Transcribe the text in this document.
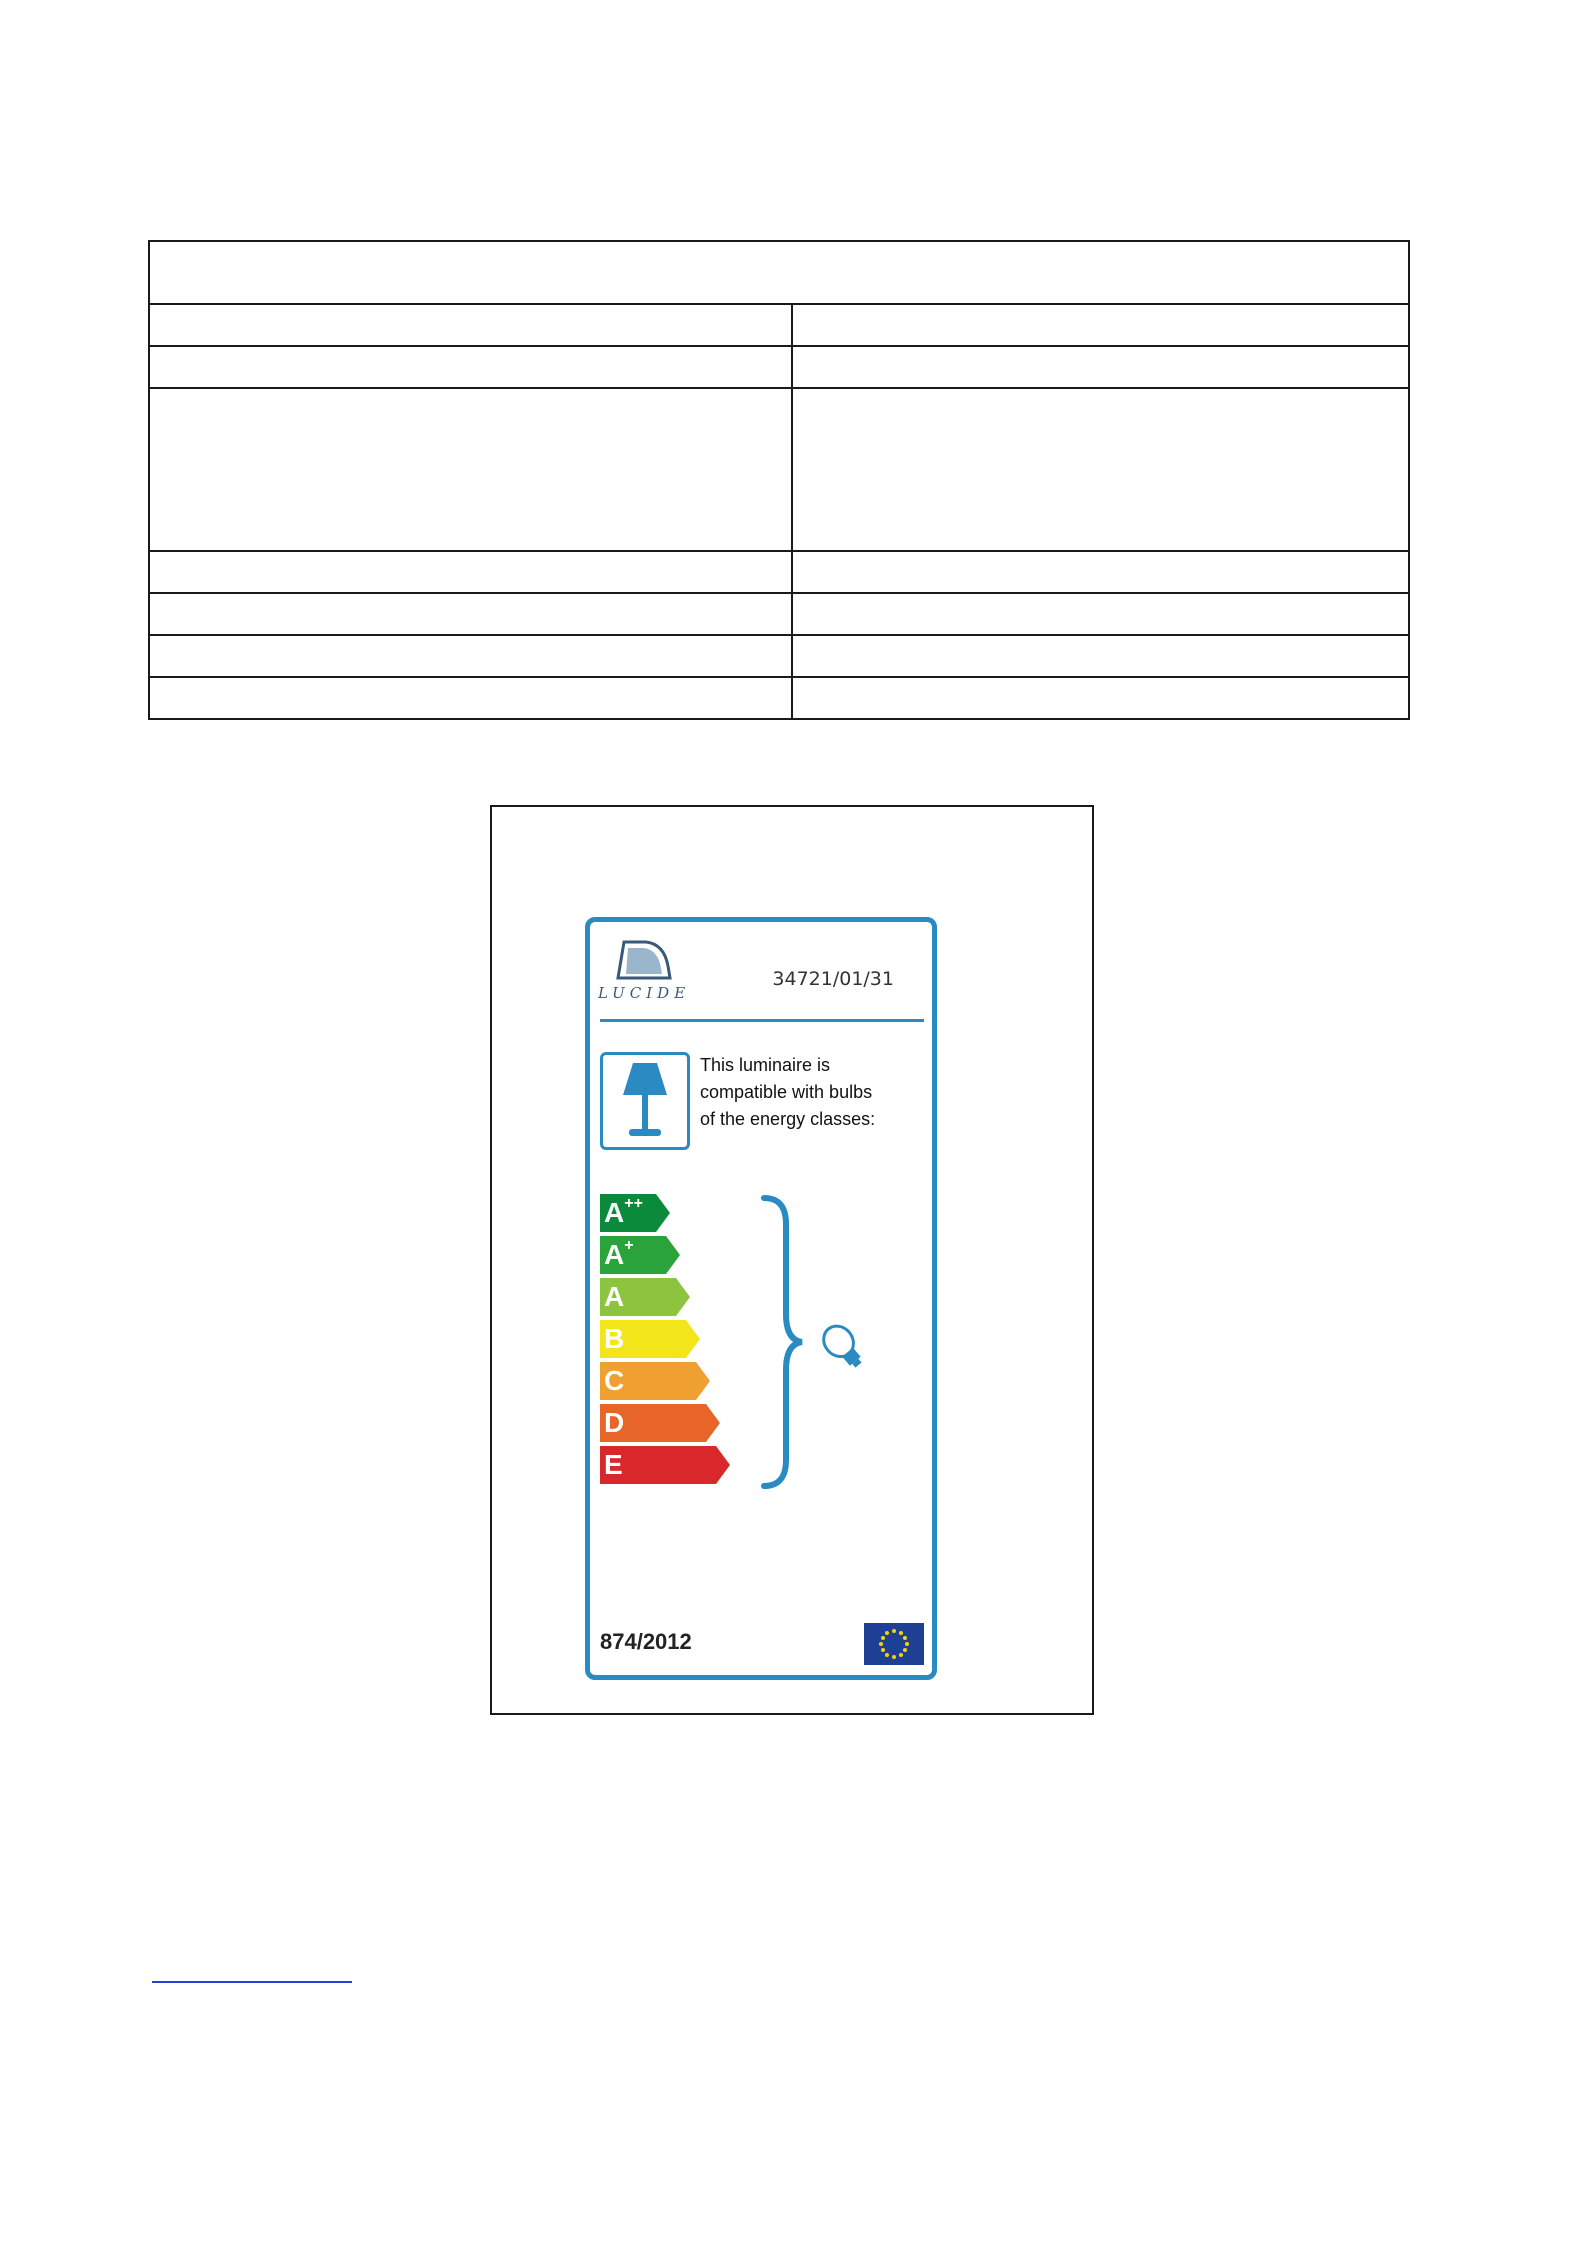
LUCIDE
34721/01/31
This luminaire is
compatible with bulbs
of the energy classes:
A++
A+
A
B
C
D
E
874/2012
